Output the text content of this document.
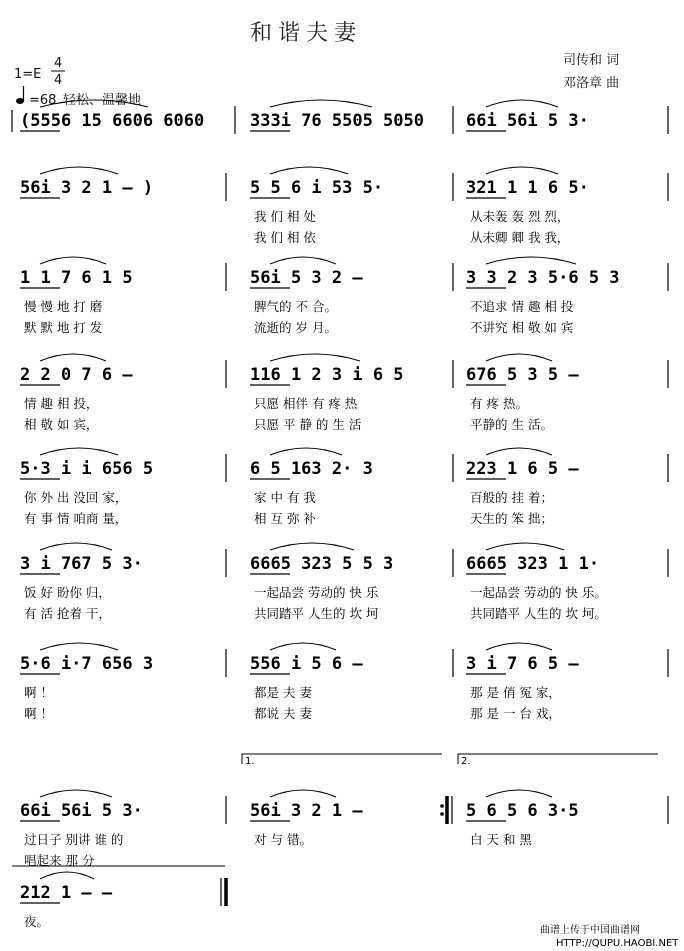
和谐夫妻
司传和 词
邓洛章 曲
1=E
4
4
=68 轻松、温馨地
(5556 15 6606 6060	333i 76 5505 5050 66i 56i 5 3·
56i 3 2 1 – )	5 5 6 i 53 5·
我 们 相 处
我 们 相 依
321 1 1 6 5·
从未轰 轰 烈 烈，
从未卿 卿 我 我，
1 1 7 6 1 5
慢 慢 地 打 磨
默 默 地 打 发
56i 5 3 2 –
脾气的 不 合。
流逝的 岁 月。
3 3 2 3 5·6 5 3
不追求 情 趣 相 投
不讲究 相 敬 如 宾
2 2 0 7 6 –
情 趣 相 投，
相 敬 如 宾，
116 1 2 3 i 6 5
只愿 相伴 有 疼 热
只愿 平 静 的 生 活
676 5 3 5 –
有 疼 热。
平静的 生 活。
5·3 i i 656 5
你 外 出 没回 家，
有 事 情 咱商 量，
6 5 163 2· 3
家 中 有 我
相 互 弥 补
223 1 6 5 –
百般的 挂 着；
天生的 笨 拙；
3 i 767 5 3·
饭 好 盼你 归，
有 活 抢着 干，
6665 323 5 5 3
一起品尝 劳动的 快 乐
共同踏平 人生的 坎 坷
6665 323 1 1·
一起品尝 劳动的 快 乐。
共同踏平 人生的 坎 坷。
5·6 i·7 656 3
啊 ！
啊 ！
556 i 5 6 –
都是 夫 妻
都说 夫 妻
3 i 7 6 5 –
那 是 俏 冤 家，
那 是 一 台 戏，
66i 56i 5 3·
过日子 别讲 谁 的
唱起来 那 分
56i 3 2 1 –
1.
对 与 错。
5 6 5 6 3·5
2.
白 天 和 黑
212 1 – –
夜。
曲谱上传于中国曲谱网
HTTP://QUPU.HAOBI.NET
